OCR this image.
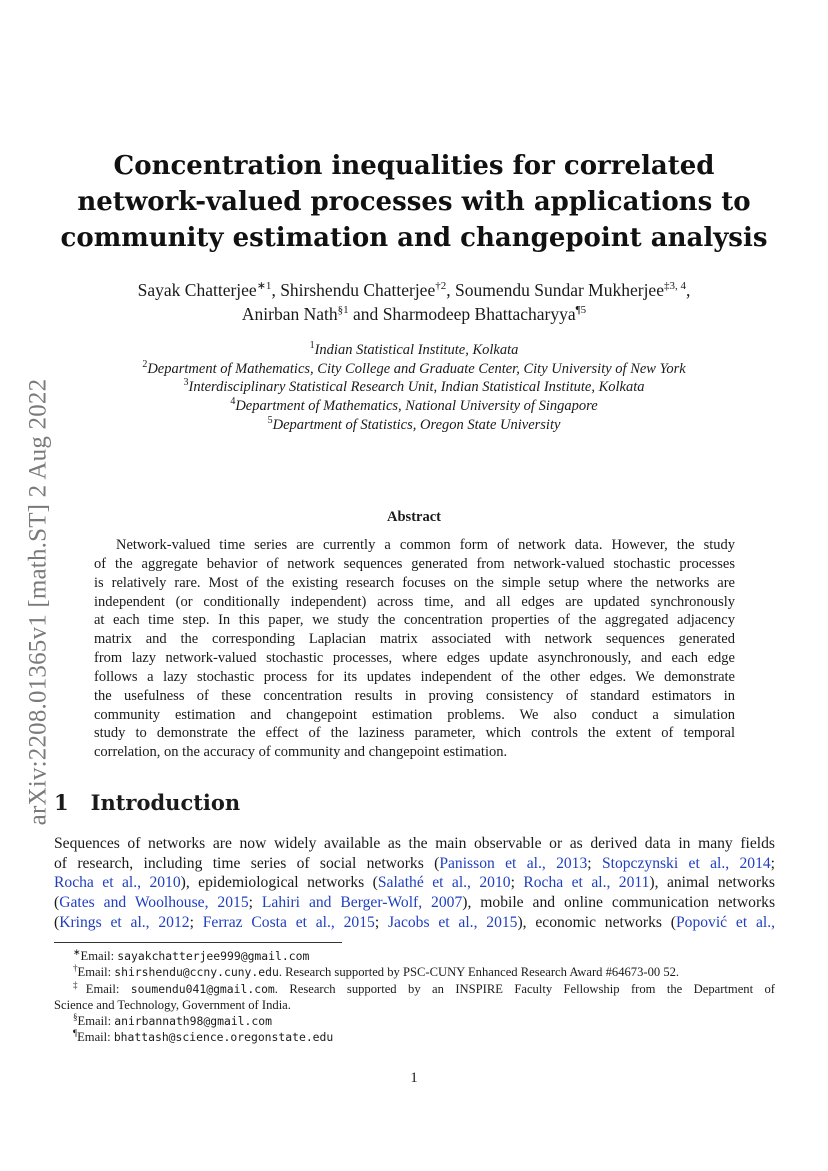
arXiv:2208.01365v1 [math.ST] 2 Aug 2022
Concentration inequalities for correlated
network-valued processes with applications to
community estimation and changepoint analysis
Sayak Chatterjee$^{∗1}$, Shirshendu Chatterjee$^{\dagger 2}$, Soumendu Sundar Mukherjee$^{\ddagger 3, 4}$,
Anirban Nath$^{\S 1}$ and Sharmodeep Bhattacharyya$^{\P 5}$
$^1$Indian Statistical Institute, Kolkata
$^2$Department of Mathematics, City College and Graduate Center, City University of New York
$^3$Interdisciplinary Statistical Research Unit, Indian Statistical Institute, Kolkata
$^4$Department of Mathematics, National University of Singapore
$^5$Department of Statistics, Oregon State University
Abstract
Network-valued time series are currently a common form of network data. However, the study
of the aggregate behavior of network sequences generated from network-valued stochastic processes
is relatively rare. Most of the existing research focuses on the simple setup where the networks are
independent (or conditionally independent) across time, and all edges are updated synchronously
at each time step. In this paper, we study the concentration properties of the aggregated adjacency
matrix and the corresponding Laplacian matrix associated with network sequences generated
from lazy network-valued stochastic processes, where edges update asynchronously, and each edge
follows a lazy stochastic process for its updates independent of the other edges. We demonstrate
the usefulness of these concentration results in proving consistency of standard estimators in
community estimation and changepoint estimation problems. We also conduct a simulation
study to demonstrate the effect of the laziness parameter, which controls the extent of temporal
correlation, on the accuracy of community and changepoint estimation.
1 Introduction
Sequences of networks are now widely available as the main observable or as derived data in many fields
of research, including time series of social networks (Panisson et al., 2013; Stopczynski et al., 2014;
Rocha et al., 2010), epidemiological networks (Salathé et al., 2010; Rocha et al., 2011), animal networks
(Gates and Woolhouse, 2015; Lahiri and Berger-Wolf, 2007), mobile and online communication networks
(Krings et al., 2012; Ferraz Costa et al., 2015; Jacobs et al., 2015), economic networks (Popović et al.,
∗Email: sayakchatterjee999@gmail.com
†Email: shirshendu@ccny.cuny.edu. Research supported by PSC-CUNY Enhanced Research Award #64673-00 52.
‡Email: soumendu041@gmail.com. Research supported by an INSPIRE Faculty Fellowship from the Department of
Science and Technology, Government of India.
§Email: anirbannath98@gmail.com
¶Email: bhattash@science.oregonstate.edu
1
